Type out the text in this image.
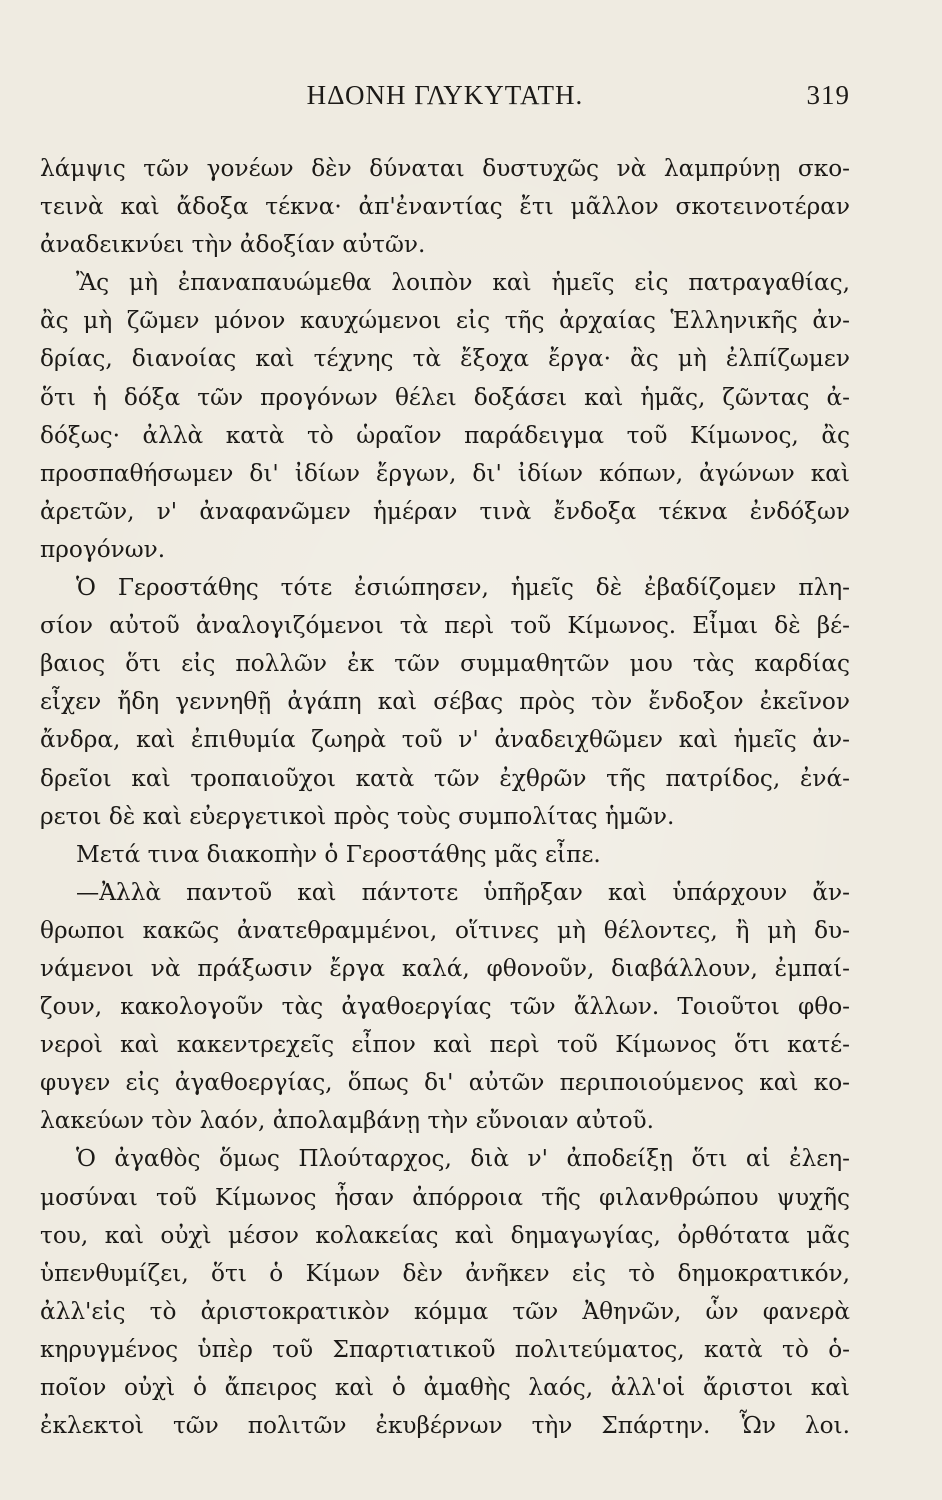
ΗΔΟΝΗ ΓΛΥΚΥΤΑΤΗ.	319
λάμψις τῶν γονέων δὲν δύναται δυστυχῶς νὰ λαμπρύνῃ σκο-
τεινὰ καὶ ἄδοξα τέκνα· ἀπ'ἐναντίας ἔτι μᾶλλον σκοτεινοτέραν
ἀναδεικνύει τὴν ἀδοξίαν αὐτῶν.
Ἂς μὴ ἐπαναπαυώμεθα λοιπὸν καὶ ἡμεῖς εἰς πατραγαθίας,
ἂς μὴ ζῶμεν μόνον καυχώμενοι εἰς τῆς ἀρχαίας Ἑλληνικῆς ἀν-
δρίας, διανοίας καὶ τέχνης τὰ ἔξοχα ἔργα· ἂς μὴ ἐλπίζωμεν
ὅτι ἡ δόξα τῶν προγόνων θέλει δοξάσει καὶ ἡμᾶς, ζῶντας ἀ-
δόξως· ἀλλὰ κατὰ τὸ ὡραῖον παράδειγμα τοῦ Κίμωνος, ἂς
προσπαθήσωμεν δι' ἰδίων ἔργων, δι' ἰδίων κόπων, ἀγώνων καὶ
ἀρετῶν, ν' ἀναφανῶμεν ἡμέραν τινὰ ἔνδοξα τέκνα ἐνδόξων
προγόνων.
Ὁ Γεροστάθης τότε ἐσιώπησεν, ἡμεῖς δὲ ἐβαδίζομεν πλη-
σίον αὐτοῦ ἀναλογιζόμενοι τὰ περὶ τοῦ Κίμωνος. Εἶμαι δὲ βέ-
βαιος ὅτι εἰς πολλῶν ἐκ τῶν συμμαθητῶν μου τὰς καρδίας
εἶχεν ἤδη γεννηθῇ ἀγάπη καὶ σέβας πρὸς τὸν ἔνδοξον ἐκεῖνον
ἄνδρα, καὶ ἐπιθυμία ζωηρὰ τοῦ ν' ἀναδειχθῶμεν καὶ ἡμεῖς ἀν-
δρεῖοι καὶ τροπαιοῦχοι κατὰ τῶν ἐχθρῶν τῆς πατρίδος, ἐνά-
ρετοι δὲ καὶ εὐεργετικοὶ πρὸς τοὺς συμπολίτας ἡμῶν.
Μετά τινα διακοπὴν ὁ Γεροστάθης μᾶς εἶπε.
—Ἀλλὰ παντοῦ καὶ πάντοτε ὑπῆρξαν καὶ ὑπάρχουν ἄν-
θρωποι κακῶς ἀνατεθραμμένοι, οἵτινες μὴ θέλοντες, ἢ μὴ δυ-
νάμενοι νὰ πράξωσιν ἔργα καλά, φθονοῦν, διαβάλλουν, ἐμπαί-
ζουν, κακολογοῦν τὰς ἀγαθοεργίας τῶν ἄλλων. Τοιοῦτοι φθο-
νεροὶ καὶ κακεντρεχεῖς εἶπον καὶ περὶ τοῦ Κίμωνος ὅτι κατέ-
φυγεν εἰς ἀγαθοεργίας, ὅπως δι' αὐτῶν περιποιούμενος καὶ κο-
λακεύων τὸν λαόν, ἀπολαμβάνῃ τὴν εὔνοιαν αὐτοῦ.
Ὁ ἀγαθὸς ὅμως Πλούταρχος, διὰ ν' ἀποδείξῃ ὅτι αἱ ἐλεη-
μοσύναι τοῦ Κίμωνος ἦσαν ἀπόρροια τῆς φιλανθρώπου ψυχῆς
του, καὶ οὐχὶ μέσον κολακείας καὶ δημαγωγίας, ὀρθότατα μᾶς
ὑπενθυμίζει, ὅτι ὁ Κίμων δὲν ἀνῆκεν εἰς τὸ δημοκρατικόν,
ἀλλ'εἰς τὸ ἀριστοκρατικὸν κόμμα τῶν Ἀθηνῶν, ὧν φανερὰ
κηρυγμένος ὑπὲρ τοῦ Σπαρτιατικοῦ πολιτεύματος, κατὰ τὸ ὁ-
ποῖον οὐχὶ ὁ ἄπειρος καὶ ὁ ἀμαθὴς λαός, ἀλλ'οἱ ἄριστοι καὶ
ἐκλεκτοὶ τῶν πολιτῶν ἐκυβέρνων τὴν Σπάρτην. Ὧν λοι.
